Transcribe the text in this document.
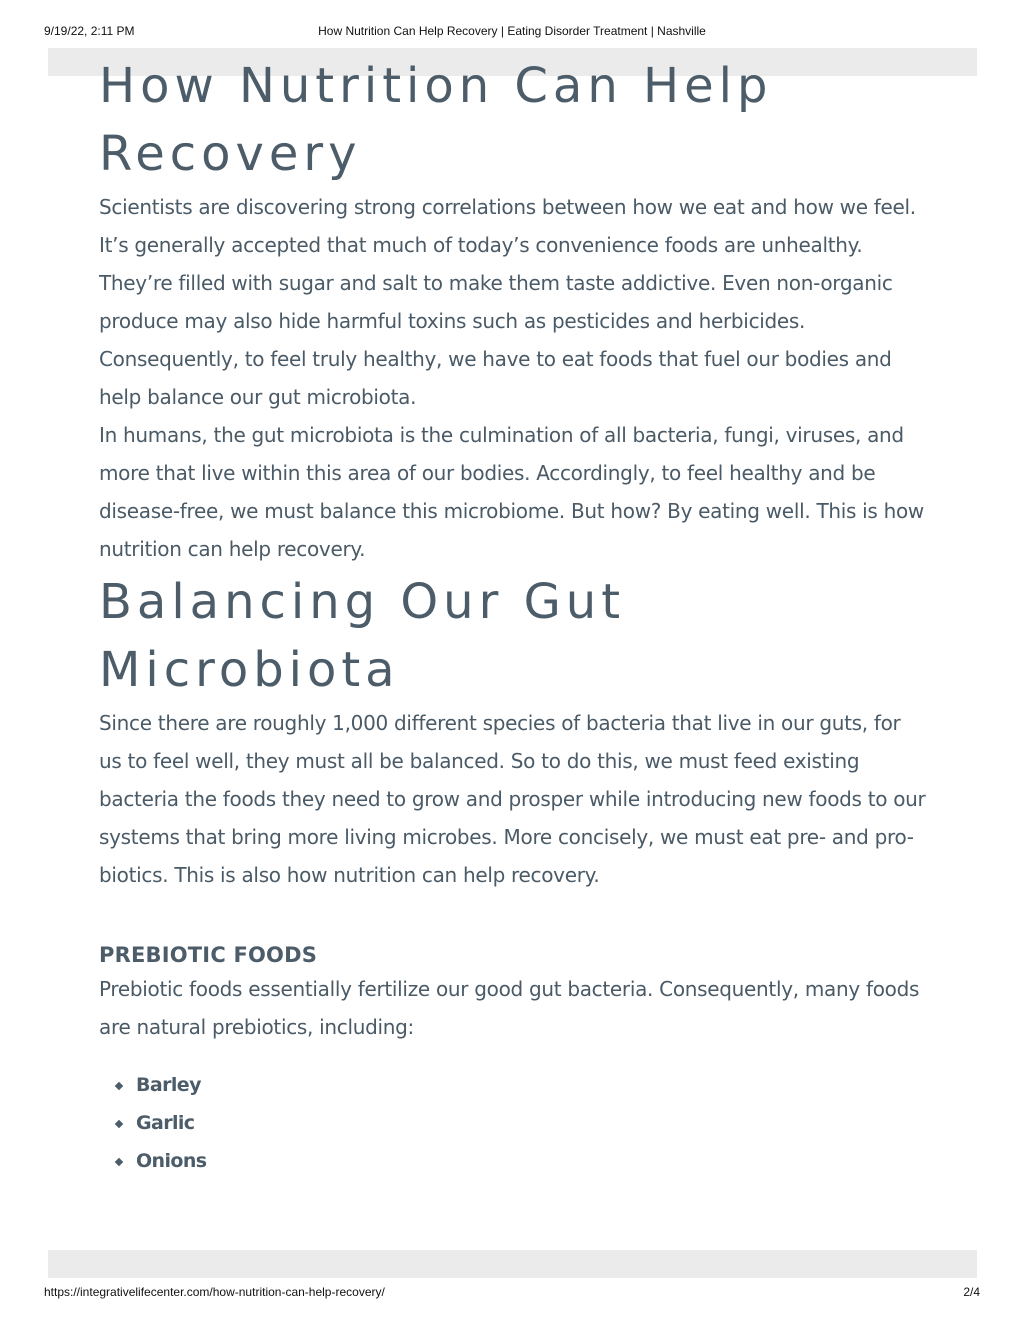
9/19/22, 2:11 PM	How Nutrition Can Help Recovery | Eating Disorder Treatment | Nashville
How Nutrition Can Help
Recovery

Scientists are discovering strong correlations between how we eat and how we feel. It’s generally accepted that much of today’s convenience foods are unhealthy. They’re filled with sugar and salt to make them taste addictive. Even non-organic produce may also hide harmful toxins such as pesticides and herbicides. Consequently, to feel truly healthy, we have to eat foods that fuel our bodies and help balance our gut microbiota.

In humans, the gut microbiota is the culmination of all bacteria, fungi, viruses, and more that live within this area of our bodies. Accordingly, to feel healthy and be disease-free, we must balance this microbiome. But how? By eating well. This is how nutrition can help recovery.

Balancing Our Gut
Microbiota

Since there are roughly 1,000 different species of bacteria that live in our guts, for us to feel well, they must all be balanced. So to do this, we must feed existing bacteria the foods they need to grow and prosper while introducing new foods to our systems that bring more living microbes. More concisely, we must eat pre- and pro-biotics. This is also how nutrition can help recovery.

PREBIOTIC FOODS

Prebiotic foods essentially fertilize our good gut bacteria. Consequently, many foods are natural prebiotics, including:

Barley
Garlic
Onions
https://integrativelifecenter.com/how-nutrition-can-help-recovery/	2/4
